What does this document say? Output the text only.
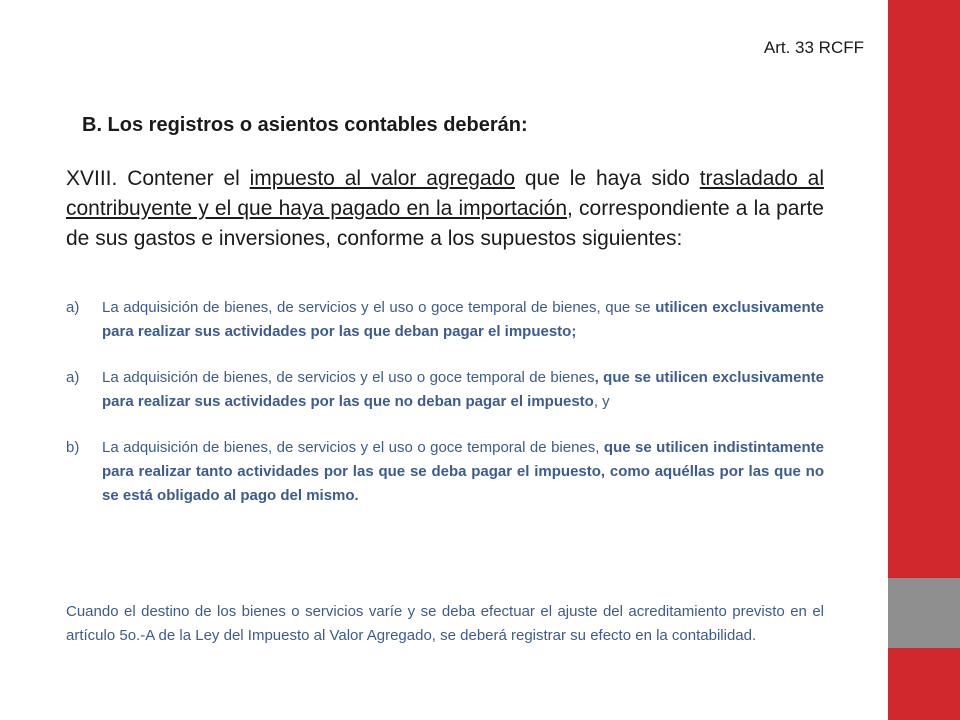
Art. 33 RCFF
B. Los registros o asientos contables deberán:
XVIII. Contener el impuesto al valor agregado que le haya sido trasladado al contribuyente y el que haya pagado en la importación, correspondiente a la parte de sus gastos e inversiones, conforme a los supuestos siguientes:
a) La adquisición de bienes, de servicios y el uso o goce temporal de bienes, que se utilicen exclusivamente para realizar sus actividades por las que deban pagar el impuesto;
a) La adquisición de bienes, de servicios y el uso o goce temporal de bienes, que se utilicen exclusivamente para realizar sus actividades por las que no deban pagar el impuesto, y
b) La adquisición de bienes, de servicios y el uso o goce temporal de bienes, que se utilicen indistintamente para realizar tanto actividades por las que se deba pagar el impuesto, como aquéllas por las que no se está obligado al pago del mismo.
Cuando el destino de los bienes o servicios varíe y se deba efectuar el ajuste del acreditamiento previsto en el artículo 5o.-A de la Ley del Impuesto al Valor Agregado, se deberá registrar su efecto en la contabilidad.
